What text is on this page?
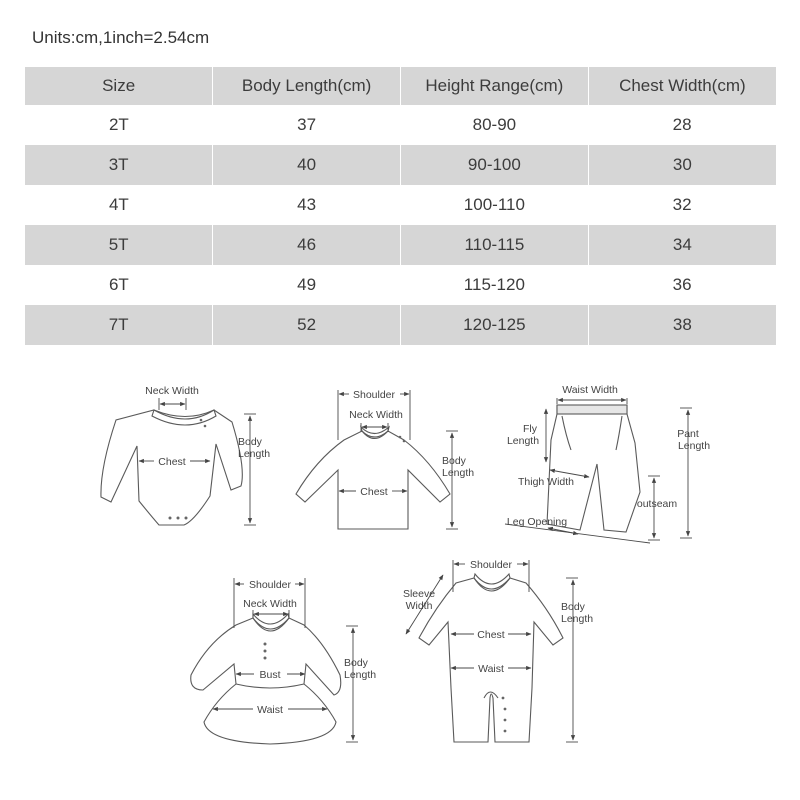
Units:cm,1inch=2.54cm
Size	Body Length(cm)	Height Range(cm)	Chest Width(cm)
2T	37	80-90	28
3T	40	90-100	30
4T	43	100-110	32
5T	46	110-115	34
6T	49	115-120	36
7T	52	120-125	38
Neck Width
Chest
Body
Length
Shoulder
Neck Width
Chest
Body
Length
Waist Width
Fly
Length
Pant
Length
Thigh Width
outseam
Leg Opening
Shoulder
Neck Width
Bust
Waist
Body
Length
Shoulder
Sleeve
Width
Chest
Waist
Body
Length
